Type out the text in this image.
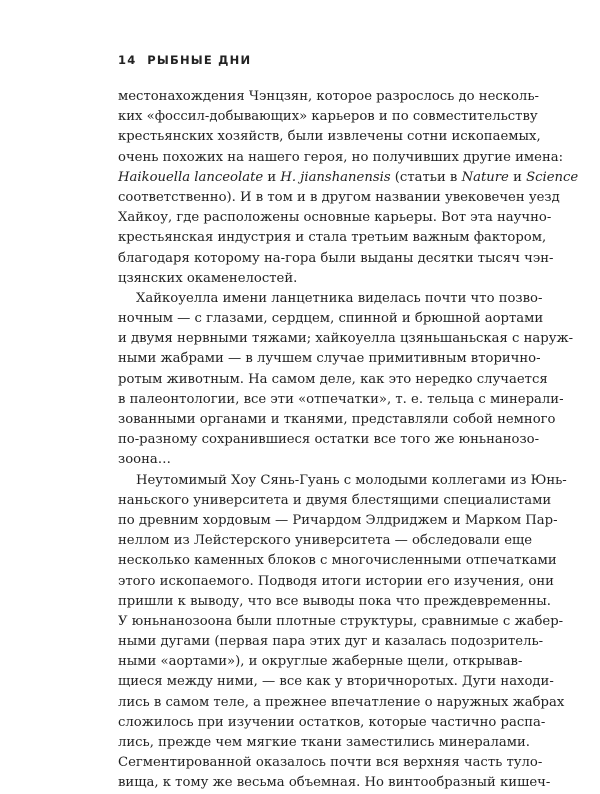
14 РЫБНЫЕ ДНИ
местонахождения Чэнцзян, которое разрослось до несколь-
ких «фоссил-добывающих» карьеров и по совместительству
крестьянских хозяйств, были извлечены сотни ископаемых,
очень похожих на нашего героя, но получивших другие имена:
Haikouella lanceolate и H. jianshanensis (статьи в Nature и Science
соответственно). И в том и в другом названии увековечен уезд
Хайкоу, где расположены основные карьеры. Вот эта научно-
крестьянская индустрия и стала третьим важным фактором,
благодаря которому на-гора были выданы десятки тысяч чэн-
цзянских окаменелостей.
Хайкоуелла имени ланцетника виделась почти что позво-
ночным — с глазами, сердцем, спинной и брюшной аортами
и двумя нервными тяжами; хайкоуелла цзяньшаньская с наруж-
ными жабрами — в лучшем случае примитивным вторично-
ротым животным. На самом деле, как это нередко случается
в палеонтологии, все эти «отпечатки», т. е. тельца с минерали-
зованными органами и тканями, представляли собой немного
по-разному сохранившиеся остатки все того же юньнанозо-
зоона…
Неутомимый Хоу Сянь-Гуань с молодыми коллегами из Юнь-
наньского университета и двумя блестящими специалистами
по древним хордовым — Ричардом Элдриджем и Марком Пар-
неллом из Лейстерского университета — обследовали еще
несколько каменных блоков с многочисленными отпечатками
этого ископаемого. Подводя итоги истории его изучения, они
пришли к выводу, что все выводы пока что преждевременны.
У юньнанозоона были плотные структуры, сравнимые с жабер-
ными дугами (первая пара этих дуг и казалась подозритель-
ными «аортами»), и округлые жаберные щели, открывав-
щиеся между ними, — все как у вторичноротых. Дуги находи-
лись в самом теле, а прежнее впечатление о наружных жабрах
сложилось при изучении остатков, которые частично распа-
лись, прежде чем мягкие ткани заместились минералами.
Сегментированной оказалось почти вся верхняя часть туло-
вища, к тому же весьма объемная. Но винтообразный кишеч-
